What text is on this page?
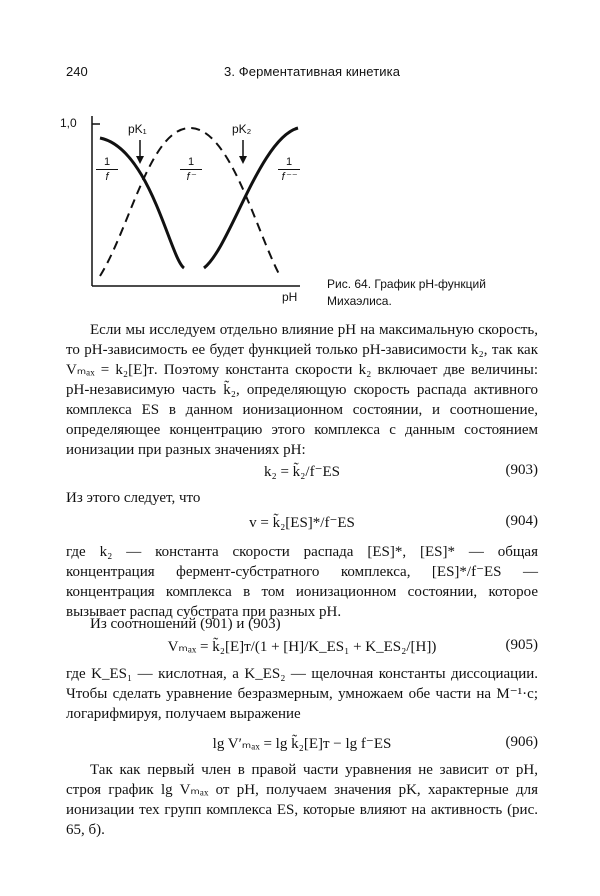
240	3. Ферментативная кинетика
1,0
pH
pK₁	pK₂
$\frac{1}{f}$	$\frac{1}{f^-}$	$\frac{1}{f^{--}}$
Рис. 64. График pH-функций Михаэлиса.

Если мы исследуем отдельно влияние pH на максимальную скорость, то pH-зависимость ее будет функцией только pH-зависимости k₂, так как Vₘₐₓ = k₂[E]ᴛ. Поэтому константа скорости k₂ включает две величины: pH-независимую часть k̃₂, определяющую скорость распада активного комплекса ES в данном ионизационном состоянии, и соотношение, определяющее концентрацию этого комплекса с данным состоянием ионизации при разных значениях pH:

k₂ = k̃₂/f⁻ES	(903)

Из этого следует, что

v = k̃₂[ES]*/f⁻ES	(904)

где k₂ — константа скорости распада [ES]*, [ES]* — общая концентрация фермент-субстратного комплекса, [ES]*/f⁻ES — концентрация комплекса в том ионизационном состоянии, которое вызывает распад субстрата при разных pH.

Из соотношений (901) и (903)

Vₘₐₓ = k̃₂[E]ᴛ/(1 + [H]/K_ES₁ + K_ES₂/[H])	(905)

где K_ES₁ — кислотная, а K_ES₂ — щелочная константы диссоциации. Чтобы сделать уравнение безразмерным, умножаем обе части на M⁻¹·c; логарифмируя, получаем выражение

lg V′ₘₐₓ = lg k̃₂[E]ᴛ − lg f⁻ES	(906)

Так как первый член в правой части уравнения не зависит от pH, строя график lg Vₘₐₓ от pH, получаем значения pK, характерные для ионизации тех групп комплекса ES, которые влияют на активность (рис. 65, б).
